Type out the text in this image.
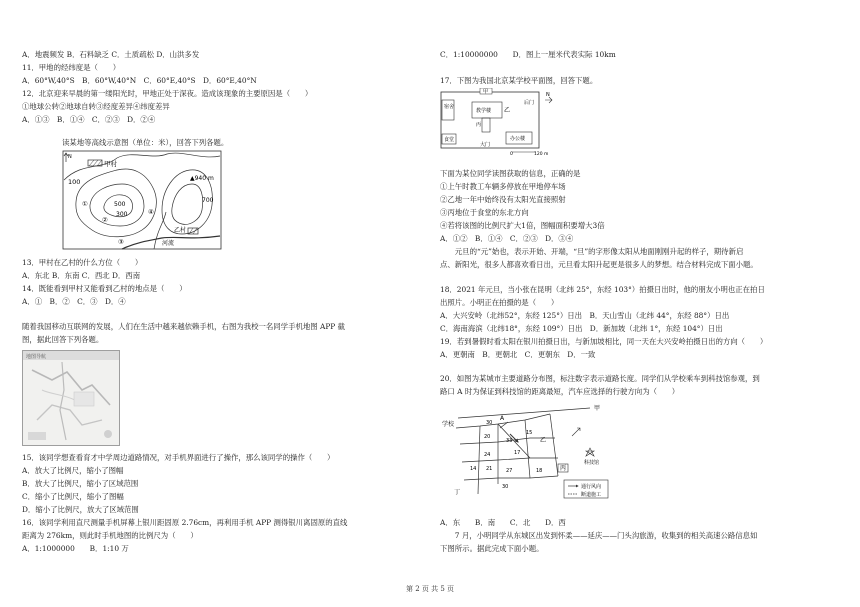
A．地震频发 B．石料缺乏 C．土质疏松 D．山洪多发
11．甲地的经纬度是（　　）
A．60°W,40°S　B．60°W,40°N　C．60°E,40°S　D．60°E,40°N
12．北京迎来早晨的第一缕阳光时，甲地正处于深夜。造成该现象的主要原因是（　　）
①地球公转②地球自转③经度差异④纬度差异
A．①③　B．①④　C．②③　D．②④
读某地等高线示意图（单位：米），回答下列各题。
N
甲村
100	▲940 m
500
300
700
①
②
③
④
乙村
河流
13．甲村在乙村的什么方位（　　）
A．东北 B．东南 C．西北 D．西南
14．既能看到甲村又能看到乙村的地点是（　　）
A．①　B．②　C．③　D．④
随着我国移动互联网的发展，人们在生活中越来越依赖手机，右图为我校一名同学手机地图 APP 截
图，据此回答下列各题。
地图导航
15．该同学想查看育才中学周边道路情况，对手机界面进行了操作，那么该同学的操作（　　）
A．放大了比例尺，缩小了图幅
B．放大了比例尺，缩小了区域范围
C．缩小了比例尺，缩小了图幅
D．缩小了比例尺，放大了区域范围
16．该同学利用直尺测量手机屏幕上银川距固原 2.76cm，再利用手机 APP 测得银川离固原的直线
距离为 276km，则此时手机地图的比例尺为（　　）
A．1:1000000　　B．1:10 万
C．1:10000000　　D．图上一厘米代表实际 10km
17．下图为我国北京某学校平面图，回答下题。
N
甲
宿舍
教学楼 乙
丙
后门
食堂
大门
办公楼
0	120 m
下面为某位同学读图获取的信息，正确的是
①上午时教工车辆多停放在甲地停车场
②乙地一年中始终没有太阳光直接照射
③丙地位于食堂的东北方向
④若将该图的比例尺扩大1倍，图幅面积要增大3倍
A．①②　B．①④　C．②③　D．③④
　　元旦的“元”始也，表示开始、开端，“旦”的字形像太阳从地面刚刚升起的样子，期待新启
点、新阳光，很多人都喜欢看日出，元旦看太阳升起更是很多人的梦想。结合材料完成下面小题。
18．2021 年元旦，当小张在昆明（北纬 25°，东经 103°）拍摄日出时，他的朋友小明也正在拍日
出照片。小明正在拍摄的是（　　）
A．大兴安岭（北纬52°，东经 125°）日出　B．天山雪山（北纬 44°，东经 88°）日出
C．海南海滨（北纬18°，东经 109°）日出　D．新加坡（北纬 1°，东经 104°）日出
19．若到暑假时看太阳在银川拍摄日出，与新加坡相比，同一天在大兴安岭拍摄日出的方向（　　）
A．更朝南　B．更朝北　C．更朝东　D．一致
20．如图为某城市主要道路分布图，标注数字表示道路长度。同学们从学校乘车到科技馆参观，到
路口 A 时为保证到科技馆的距离最短，汽车应选择的行驶方向为（　　）
甲
学校
A
乙
丙
丁
科技馆
30
20
33
15
24	17
14 21	27	18
30	通行风向
断道施工
A．东　　B．南　　C．北　　D．西
　　7 月，小明同学从东城区出发到怀柔——延庆——门头沟旅游，收集到的相关高速公路信息如
下图所示。据此完成下面小题。
第 2 页 共 5 页
